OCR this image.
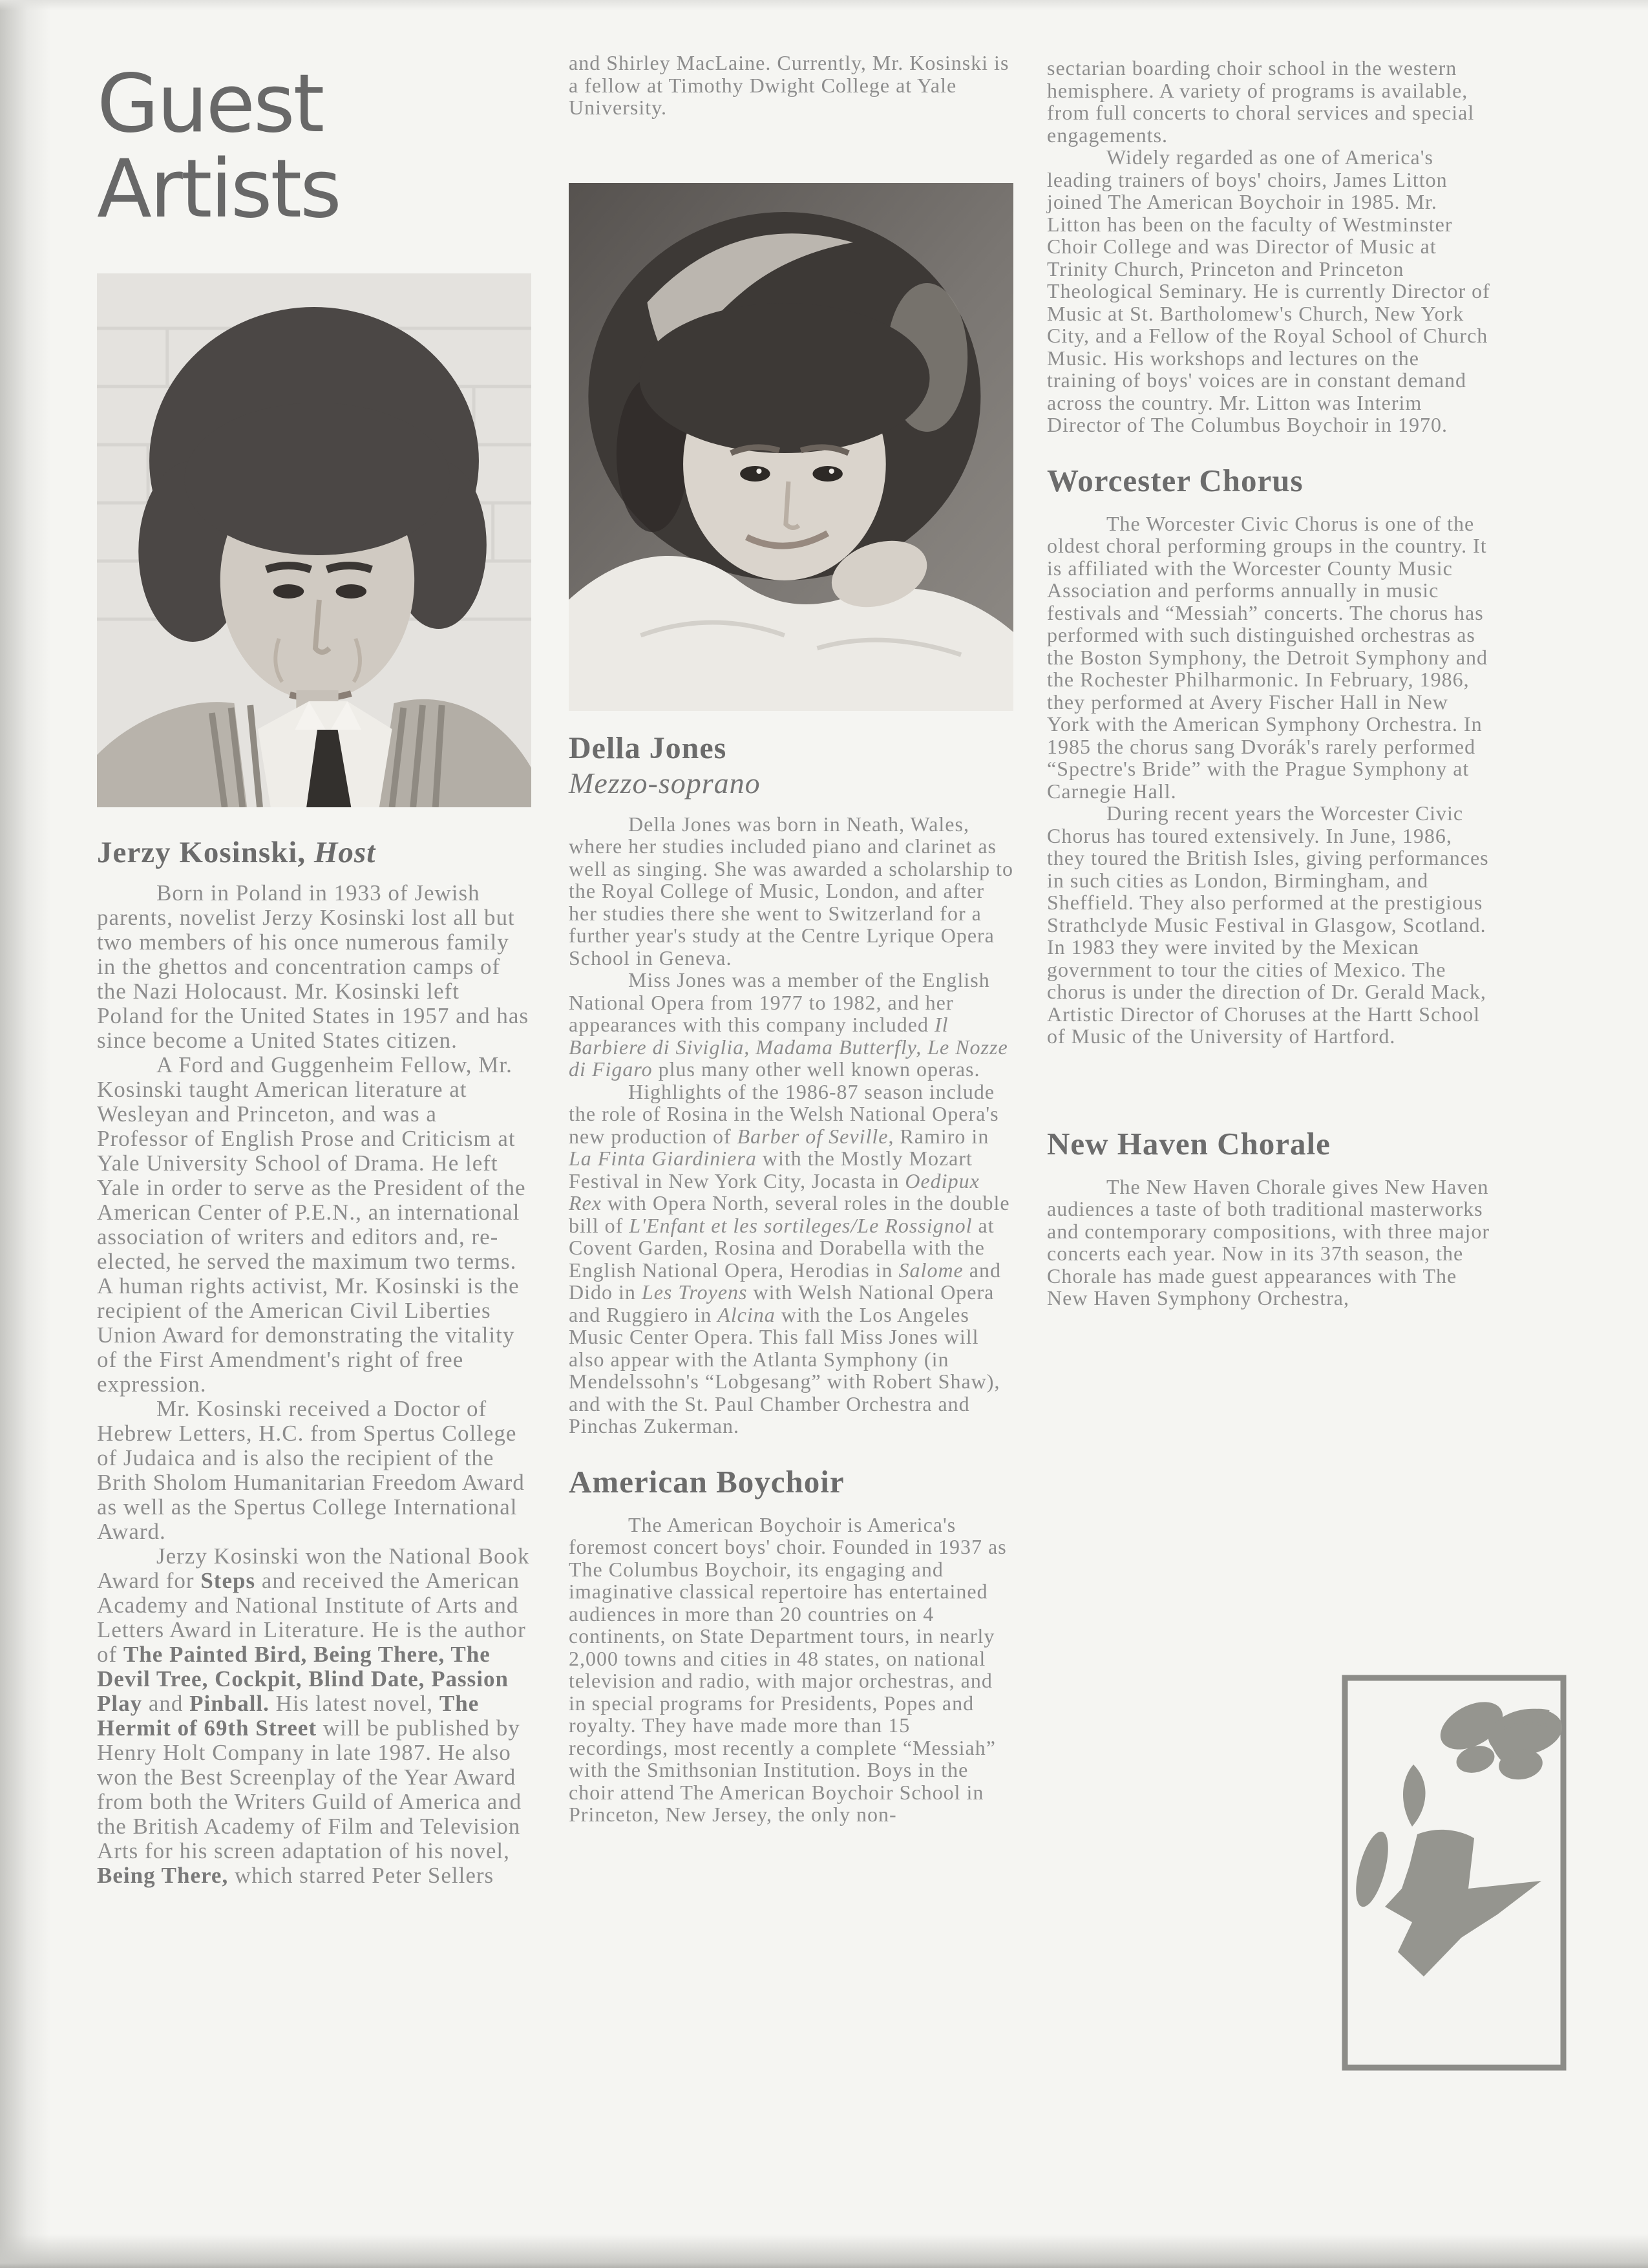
Guest
Artists
Jerzy Kosinski, Host

Born in Poland in 1933 of Jewish parents, novelist Jerzy Kosinski lost all but two members of his once numerous family in the ghettos and concentration camps of the Nazi Holocaust. Mr. Kosinski left Poland for the United States in 1957 and has since become a United States citizen.

A Ford and Guggenheim Fellow, Mr. Kosinski taught American literature at Wesleyan and Princeton, and was a Professor of English Prose and Criticism at Yale University School of Drama. He left Yale in order to serve as the President of the American Center of P.E.N., an international association of writers and editors and, re-elected, he served the maximum two terms. A human rights activist, Mr. Kosinski is the recipient of the American Civil Liberties Union Award for demonstrating the vitality of the First Amendment's right of free expression.

Mr. Kosinski received a Doctor of Hebrew Letters, H.C. from Spertus College of Judaica and is also the recipient of the Brith Sholom Humanitarian Freedom Award as well as the Spertus College International Award.

Jerzy Kosinski won the National Book Award for Steps and received the American Academy and National Institute of Arts and Letters Award in Literature. He is the author of The Painted Bird, Being There, The Devil Tree, Cockpit, Blind Date, Passion Play and Pinball. His latest novel, The Hermit of 69th Street will be published by Henry Holt Company in late 1987. He also won the Best Screenplay of the Year Award from both the Writers Guild of America and the British Academy of Film and Television Arts for his screen adaptation of his novel, Being There, which starred Peter Sellers

and Shirley MacLaine. Currently, Mr. Kosinski is a fellow at Timothy Dwight College at Yale University.

Della Jones
Mezzo-soprano

Della Jones was born in Neath, Wales, where her studies included piano and clarinet as well as singing. She was awarded a scholarship to the Royal College of Music, London, and after her studies there she went to Switzerland for a further year's study at the Centre Lyrique Opera School in Geneva.

Miss Jones was a member of the English National Opera from 1977 to 1982, and her appearances with this company included Il Barbiere di Siviglia, Madama Butterfly, Le Nozze di Figaro plus many other well known operas.

Highlights of the 1986-87 season include the role of Rosina in the Welsh National Opera's new production of Barber of Seville, Ramiro in La Finta Giardiniera with the Mostly Mozart Festival in New York City, Jocasta in Oedipux Rex with Opera North, several roles in the double bill of L'Enfant et les sortileges/Le Rossignol at Covent Garden, Rosina and Dorabella with the English National Opera, Herodias in Salome and Dido in Les Troyens with Welsh National Opera and Ruggiero in Alcina with the Los Angeles Music Center Opera. This fall Miss Jones will also appear with the Atlanta Symphony (in Mendelssohn's “Lobgesang” with Robert Shaw), and with the St. Paul Chamber Orchestra and Pinchas Zukerman.

American Boychoir

The American Boychoir is America's foremost concert boys' choir. Founded in 1937 as The Columbus Boychoir, its engaging and imaginative classical repertoire has entertained audiences in more than 20 countries on 4 continents, on State Department tours, in nearly 2,000 towns and cities in 48 states, on national television and radio, with major orchestras, and in special programs for Presidents, Popes and royalty. They have made more than 15 recordings, most recently a complete “Messiah” with the Smithsonian Institution. Boys in the choir attend The American Boychoir School in Princeton, New Jersey, the only non-

sectarian boarding choir school in the western hemisphere. A variety of programs is available, from full concerts to choral services and special engagements.

Widely regarded as one of America's leading trainers of boys' choirs, James Litton joined The American Boychoir in 1985. Mr. Litton has been on the faculty of Westminster Choir College and was Director of Music at Trinity Church, Princeton and Princeton Theological Seminary. He is currently Director of Music at St. Bartholomew's Church, New York City, and a Fellow of the Royal School of Church Music. His workshops and lectures on the training of boys' voices are in constant demand across the country. Mr. Litton was Interim Director of The Columbus Boychoir in 1970.

Worcester Chorus

The Worcester Civic Chorus is one of the oldest choral performing groups in the country. It is affiliated with the Worcester County Music Association and performs annually in music festivals and “Messiah” concerts. The chorus has performed with such distinguished orchestras as the Boston Symphony, the Detroit Symphony and the Rochester Philharmonic. In February, 1986, they performed at Avery Fischer Hall in New York with the American Symphony Orchestra. In 1985 the chorus sang Dvorák's rarely performed “Spectre's Bride” with the Prague Symphony at Carnegie Hall.

During recent years the Worcester Civic Chorus has toured extensively. In June, 1986, they toured the British Isles, giving performances in such cities as London, Birmingham, and Sheffield. They also performed at the prestigious Strathclyde Music Festival in Glasgow, Scotland. In 1983 they were invited by the Mexican government to tour the cities of Mexico. The chorus is under the direction of Dr. Gerald Mack, Artistic Director of Choruses at the Hartt School of Music of the University of Hartford.

New Haven Chorale

The New Haven Chorale gives New Haven audiences a taste of both traditional masterworks and contemporary compositions, with three major concerts each year. Now in its 37th season, the Chorale has made guest appearances with The New Haven Symphony Orchestra,
